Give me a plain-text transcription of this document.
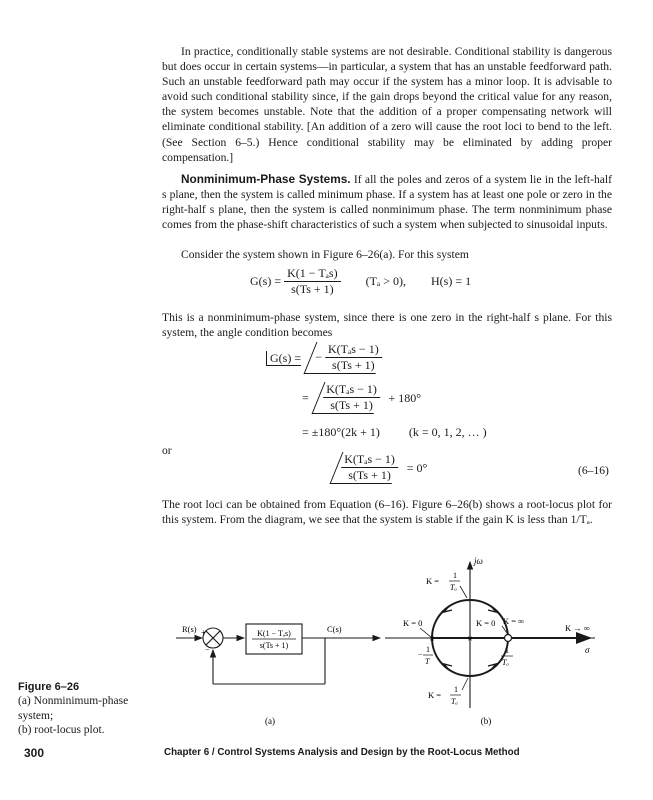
In practice, conditionally stable systems are not desirable. Conditional stability is dangerous but does occur in certain systems—in particular, a system that has an unstable feedforward path. Such an unstable feedforward path may occur if the system has a minor loop. It is advisable to avoid such conditional stability since, if the gain drops beyond the critical value for any reason, the system becomes unstable. Note that the addition of a proper compensating network will eliminate conditional stability. [An addition of a zero will cause the root loci to bend to the left. (See Section 6–5.) Hence conditional stability may be eliminated by adding proper compensation.]

Nonminimum-Phase Systems. If all the poles and zeros of a system lie in the left-half s plane, then the system is called minimum phase. If a system has at least one pole or zero in the right-half s plane, then the system is called nonminimum phase. The term nonminimum phase comes from the phase-shift characteristics of such a system when subjected to sinusoidal inputs.

Consider the system shown in Figure 6–26(a). For this system

$G(s) = \frac{\text{K(1 − Tₐs)}}{s(Ts + 1)} (T_a > 0)$, H(s) = 1

This is a nonminimum-phase system, since there is one zero in the right-half s plane. For this system, the angle condition becomes

G(s) = − $\frac{\text{K(Tₐs − 1)}}{s(Ts + 1)}$
= $\frac{\text{K(Tₐs − 1)}}{s(Ts + 1)} + 180^\circ$
= ±180°(2k + 1) (k = 0, 1, 2, … )
or
$\frac{\text{K(Tₐs − 1)}}{s(Ts + 1)} = 0^\circ$	(6–16)

The root loci can be obtained from Equation (6–16). Figure 6–26(b) shows a root-locus plot for this system. From the diagram, we see that the system is stable if the gain K is less than 1/Tₐ.

R(s)	C(s)
+
−
K(1 − Tₐs)
s(Ts + 1)
(a)
×	×
jω
σ
K =
1
Tₐ
K = 0
−
1
T
K = 0 K = ∞
K → ∞
1
Tₐ
K =
1
Tₐ
(b)
Figure 6–26
(a) Nonminimum-phase system;
(b) root-locus plot.
300	Chapter 6 / Control Systems Analysis and Design by the Root-Locus Method
